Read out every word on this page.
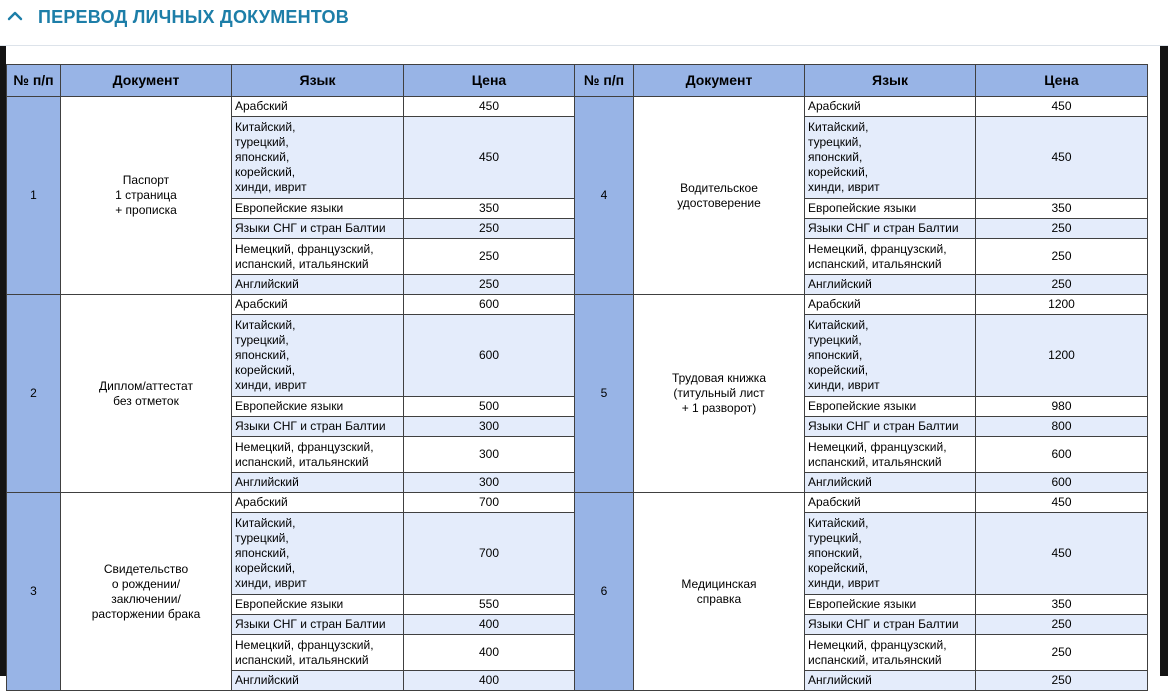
ПЕРЕВОД ЛИЧНЫХ ДОКУМЕНТОВ
№ п/п	Документ	Язык	Цена	№ п/п	Документ	Язык	Цена
1	Паспорт
1 страница
+ прописка	Арабский	450	4	Водительское
удостоверение	Арабский	450
		Китайский,
турецкий,
японский,
корейский,
хинди, иврит	450			Китайский,
турецкий,
японский,
корейский,
хинди, иврит	450
		Европейские языки	350			Европейские языки	350
		Языки СНГ и стран Балтии	250			Языки СНГ и стран Балтии	250
		Немецкий, французский,
испанский, итальянский	250			Немецкий, французский,
испанский, итальянский	250
		Английский	250			Английский	250
2	Диплом/аттестат
без отметок	Арабский	600	5	Трудовая книжка
(титульный лист
+ 1 разворот)	Арабский	1200
		Китайский,
турецкий,
японский,
корейский,
хинди, иврит	600			Китайский,
турецкий,
японский,
корейский,
хинди, иврит	1200
		Европейские языки	500			Европейские языки	980
		Языки СНГ и стран Балтии	300			Языки СНГ и стран Балтии	800
		Немецкий, французский,
испанский, итальянский	300			Немецкий, французский,
испанский, итальянский	600
		Английский	300			Английский	600
3	Свидетельство
о рождении/
заключении/
расторжении брака	Арабский	700	6	Медицинская
справка	Арабский	450
		Китайский,
турецкий,
японский,
корейский,
хинди, иврит	700			Китайский,
турецкий,
японский,
корейский,
хинди, иврит	450
		Европейские языки	550			Европейские языки	350
		Языки СНГ и стран Балтии	400			Языки СНГ и стран Балтии	250
		Немецкий, французский,
испанский, итальянский	400			Немецкий, французский,
испанский, итальянский	250
		Английский	400			Английский	250
